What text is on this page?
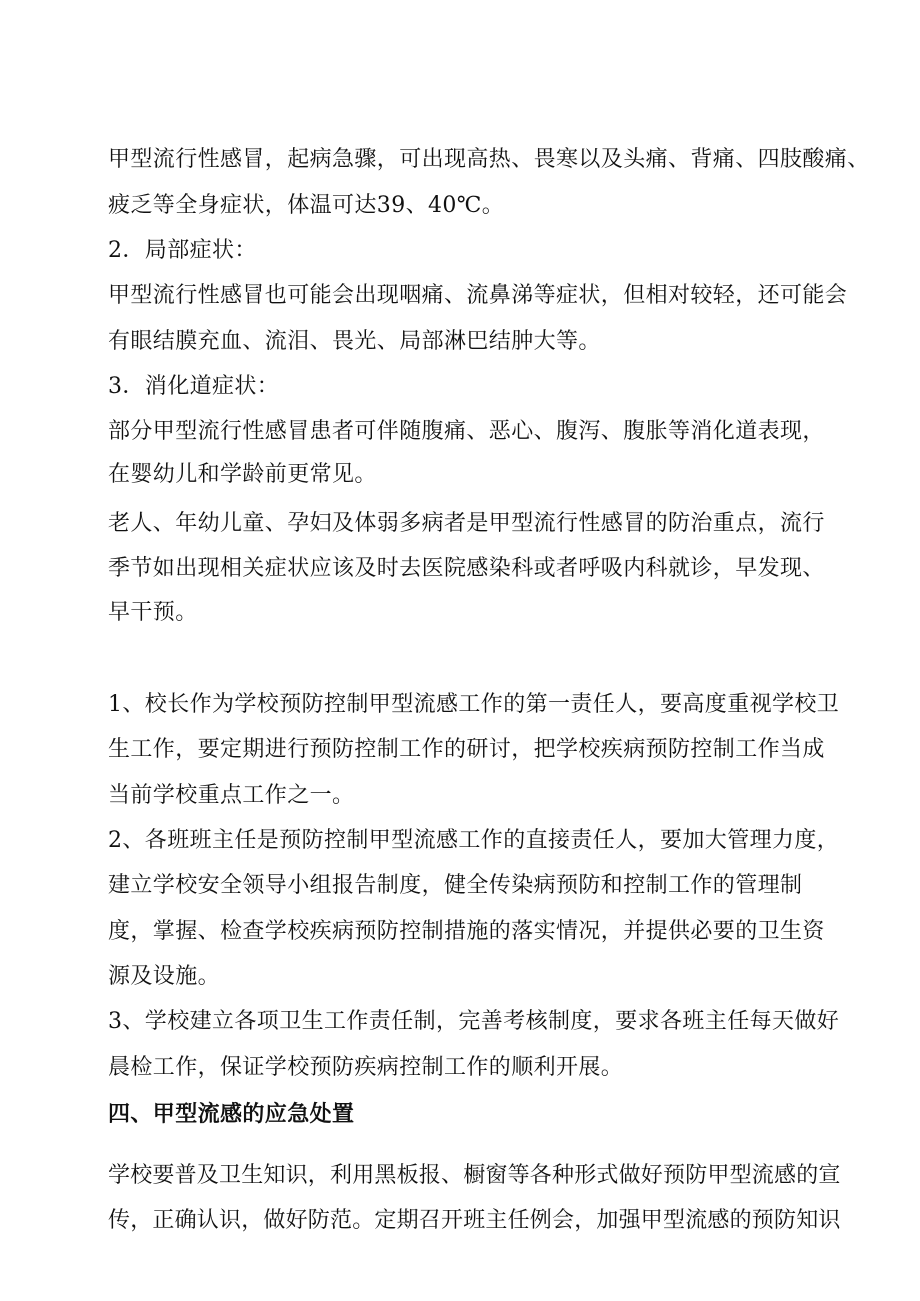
甲型流行性感冒，起病急骤，可出现高热、畏寒以及头痛、背痛、四肢酸痛、
疲乏等全身症状，体温可达39、40℃。
2．局部症状：
甲型流行性感冒也可能会出现咽痛、流鼻涕等症状，但相对较轻，还可能会
有眼结膜充血、流泪、畏光、局部淋巴结肿大等。
3．消化道症状：
部分甲型流行性感冒患者可伴随腹痛、恶心、腹泻、腹胀等消化道表现，
在婴幼儿和学龄前更常见。
老人、年幼儿童、孕妇及体弱多病者是甲型流行性感冒的防治重点，流行
季节如出现相关症状应该及时去医院感染科或者呼吸内科就诊，早发现、
早干预。
1、校长作为学校预防控制甲型流感工作的第一责任人，要高度重视学校卫
生工作，要定期进行预防控制工作的研讨，把学校疾病预防控制工作当成
当前学校重点工作之一。
2、各班班主任是预防控制甲型流感工作的直接责任人，要加大管理力度，
建立学校安全领导小组报告制度，健全传染病预防和控制工作的管理制
度，掌握、检查学校疾病预防控制措施的落实情况，并提供必要的卫生资
源及设施。
3、学校建立各项卫生工作责任制，完善考核制度，要求各班主任每天做好
晨检工作，保证学校预防疾病控制工作的顺利开展。
四、甲型流感的应急处置
学校要普及卫生知识，利用黑板报、橱窗等各种形式做好预防甲型流感的宣
传，正确认识，做好防范。定期召开班主任例会，加强甲型流感的预防知识
